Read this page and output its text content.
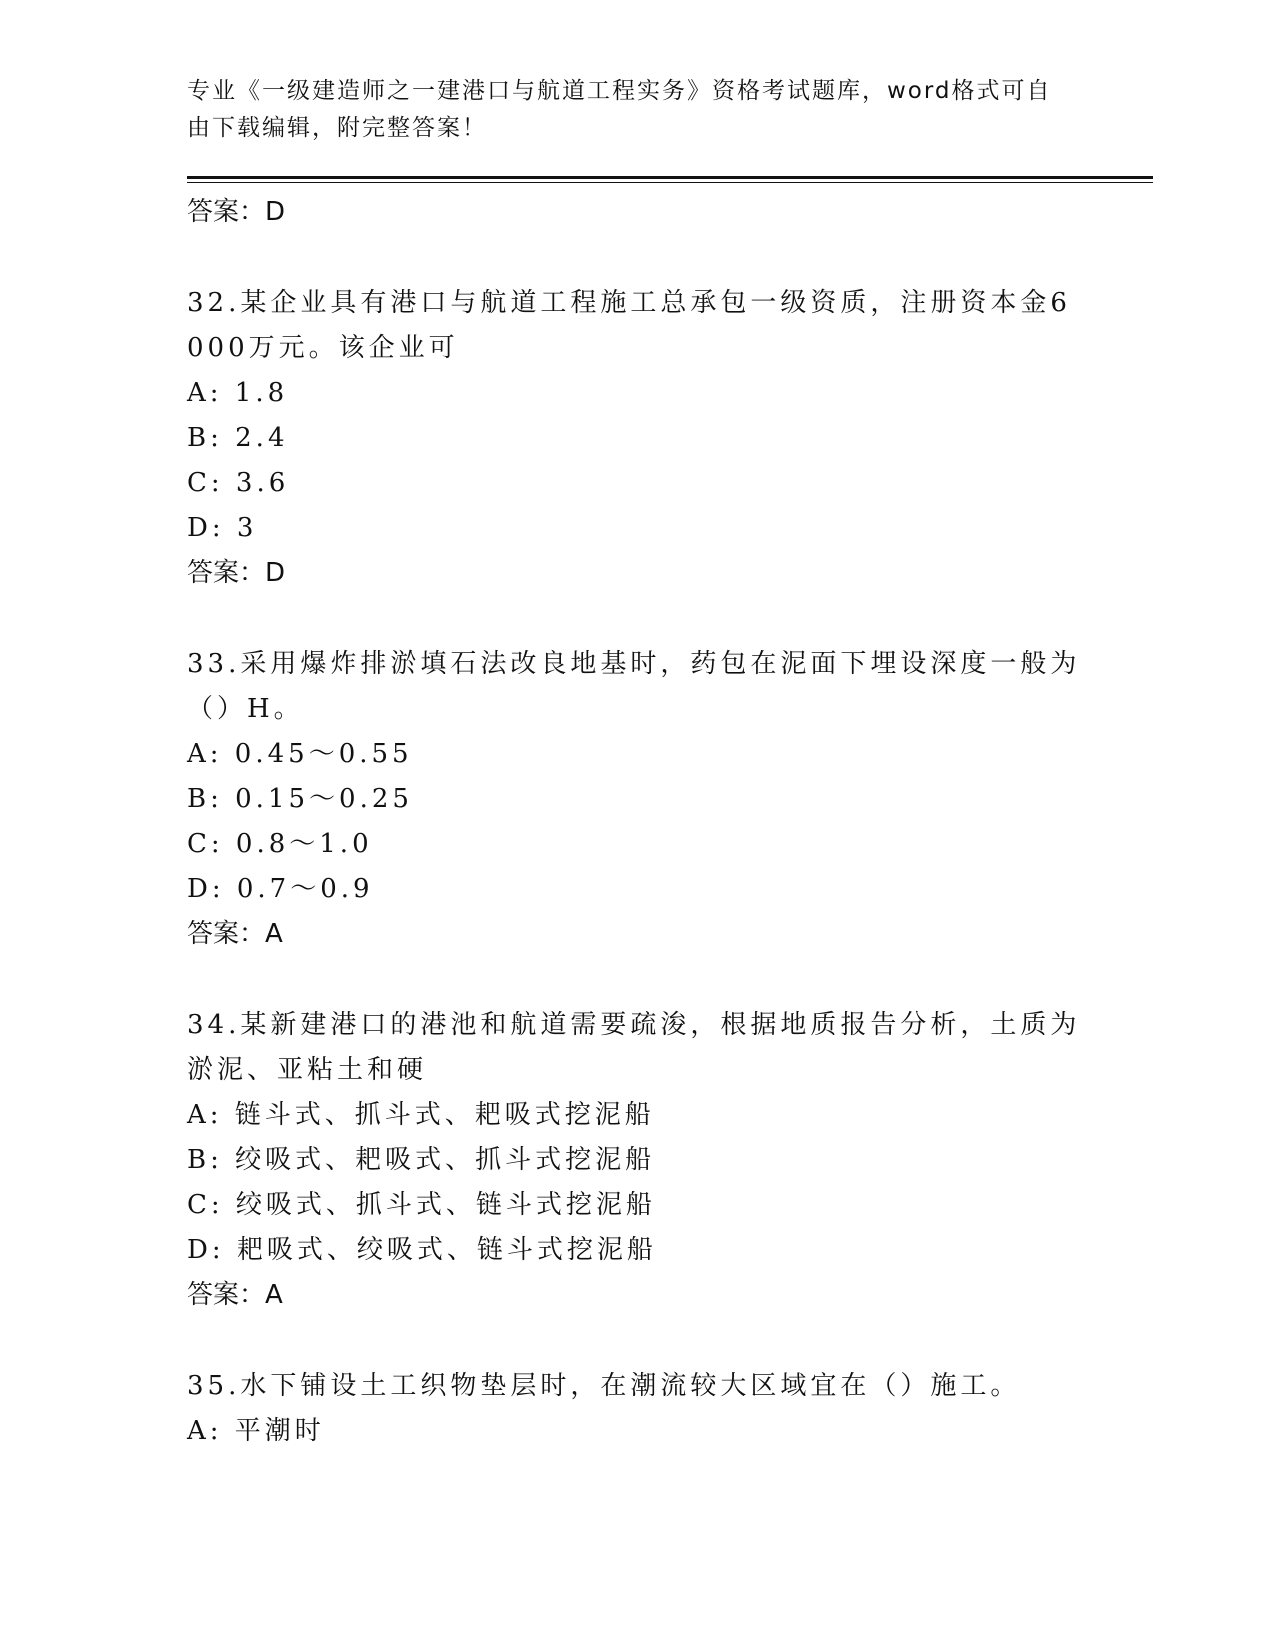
专业《一级建造师之一建港口与航道工程实务》资格考试题库，word格式可自由下载编辑，附完整答案！
答案：D
32.某企业具有港口与航道工程施工总承包一级资质，注册资本金6000万元。该企业可
A: 1.8
B: 2.4
C: 3.6
D: 3
答案：D
33.采用爆炸排淤填石法改良地基时，药包在泥面下埋设深度一般为（）H。
A: 0.45～0.55
B: 0.15～0.25
C: 0.8～1.0
D: 0.7～0.9
答案：A
34.某新建港口的港池和航道需要疏浚，根据地质报告分析，土质为淤泥、亚粘土和硬
A: 链斗式、抓斗式、耙吸式挖泥船
B: 绞吸式、耙吸式、抓斗式挖泥船
C: 绞吸式、抓斗式、链斗式挖泥船
D: 耙吸式、绞吸式、链斗式挖泥船
答案：A
35.水下铺设土工织物垫层时，在潮流较大区域宜在（）施工。
A: 平潮时
